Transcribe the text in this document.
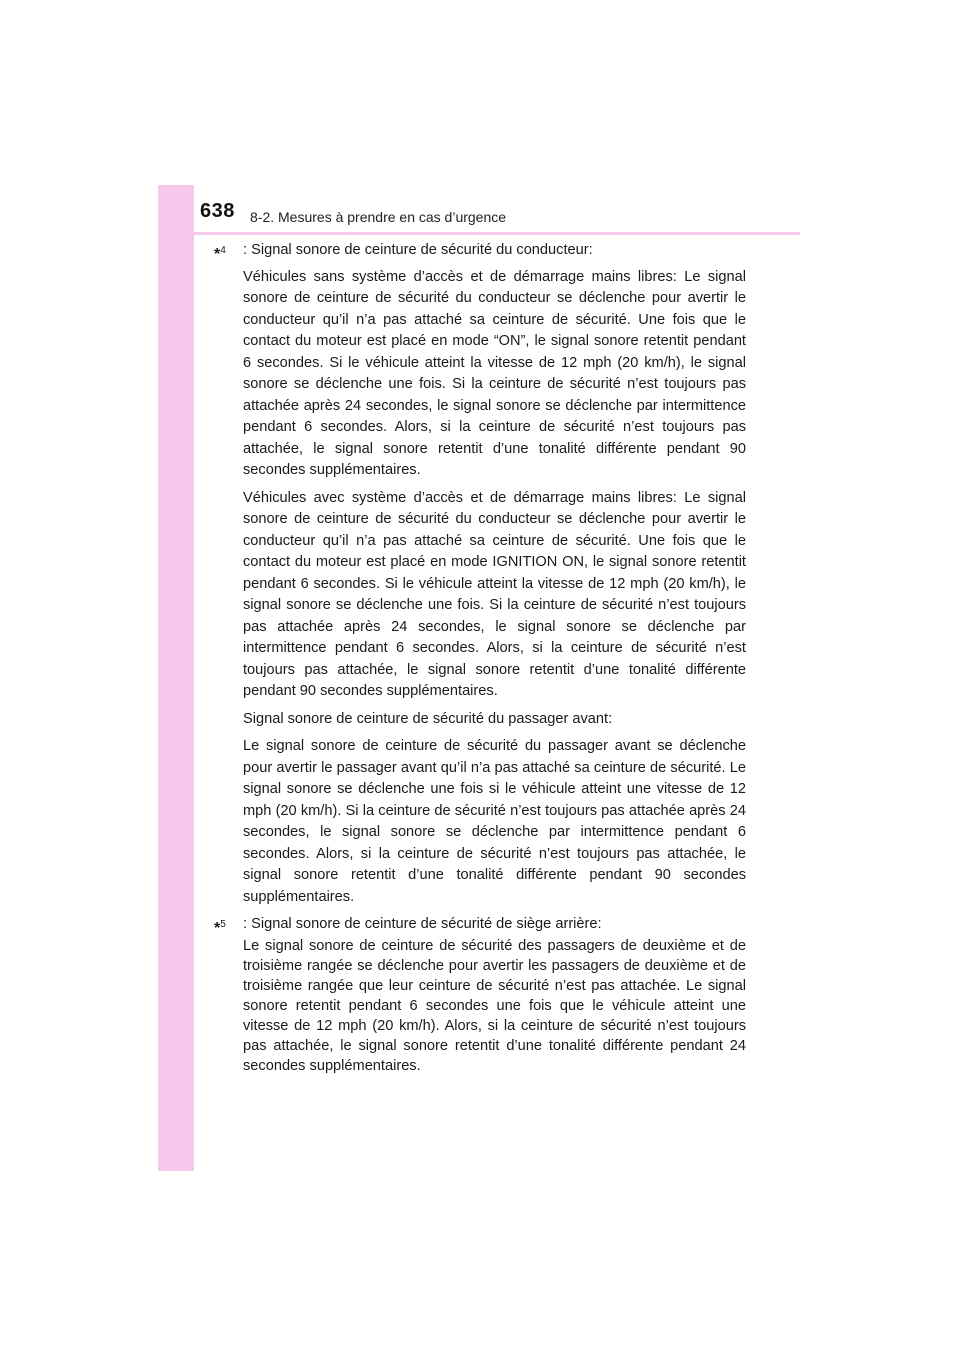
638 8-2. Mesures à prendre en cas d’urgence
*$^4$ : Signal sonore de ceinture de sécurité du conducteur:

Véhicules sans système d’accès et de démarrage mains libres: Le signal sonore de ceinture de sécurité du conducteur se déclenche pour avertir le conducteur qu’il n’a pas attaché sa ceinture de sécurité. Une fois que le contact du moteur est placé en mode “ON”, le signal sonore retentit pendant 6 secondes. Si le véhicule atteint la vitesse de 12 mph (20 km/h), le signal sonore se déclenche une fois. Si la ceinture de sécurité n’est toujours pas attachée après 24 secondes, le signal sonore se déclenche par intermittence pendant 6 secondes. Alors, si la ceinture de sécurité n’est toujours pas attachée, le signal sonore retentit d’une tonalité différente pendant 90 secondes supplémentaires.

Véhicules avec système d’accès et de démarrage mains libres: Le signal sonore de ceinture de sécurité du conducteur se déclenche pour avertir le conducteur qu’il n’a pas attaché sa ceinture de sécurité. Une fois que le contact du moteur est placé en mode IGNITION ON, le signal sonore retentit pendant 6 secondes. Si le véhicule atteint la vitesse de 12 mph (20 km/h), le signal sonore se déclenche une fois. Si la ceinture de sécurité n’est toujours pas attachée après 24 secondes, le signal sonore se déclenche par intermittence pendant 6 secondes. Alors, si la ceinture de sécurité n’est toujours pas attachée, le signal sonore retentit d’une tonalité différente pendant 90 secondes supplémentaires.

Signal sonore de ceinture de sécurité du passager avant:

Le signal sonore de ceinture de sécurité du passager avant se déclenche pour avertir le passager avant qu’il n’a pas attaché sa ceinture de sécurité. Le signal sonore se déclenche une fois si le véhicule atteint une vitesse de 12 mph (20 km/h). Si la ceinture de sécurité n’est toujours pas attachée après 24 secondes, le signal sonore se déclenche par intermittence pendant 6 secondes. Alors, si la ceinture de sécurité n’est toujours pas attachée, le signal sonore retentit d’une tonalité différente pendant 90 secondes supplémentaires.

*$^5$ : Signal sonore de ceinture de sécurité de siège arrière:

Le signal sonore de ceinture de sécurité des passagers de deuxième et de troisième rangée se déclenche pour avertir les passagers de deuxième et de troisième rangée que leur ceinture de sécurité n’est pas attachée. Le signal sonore retentit pendant 6 secondes une fois que le véhicule atteint une vitesse de 12 mph (20 km/h). Alors, si la ceinture de sécurité n’est toujours pas attachée, le signal sonore retentit d’une tonalité différente pendant 24 secondes supplémentaires.
